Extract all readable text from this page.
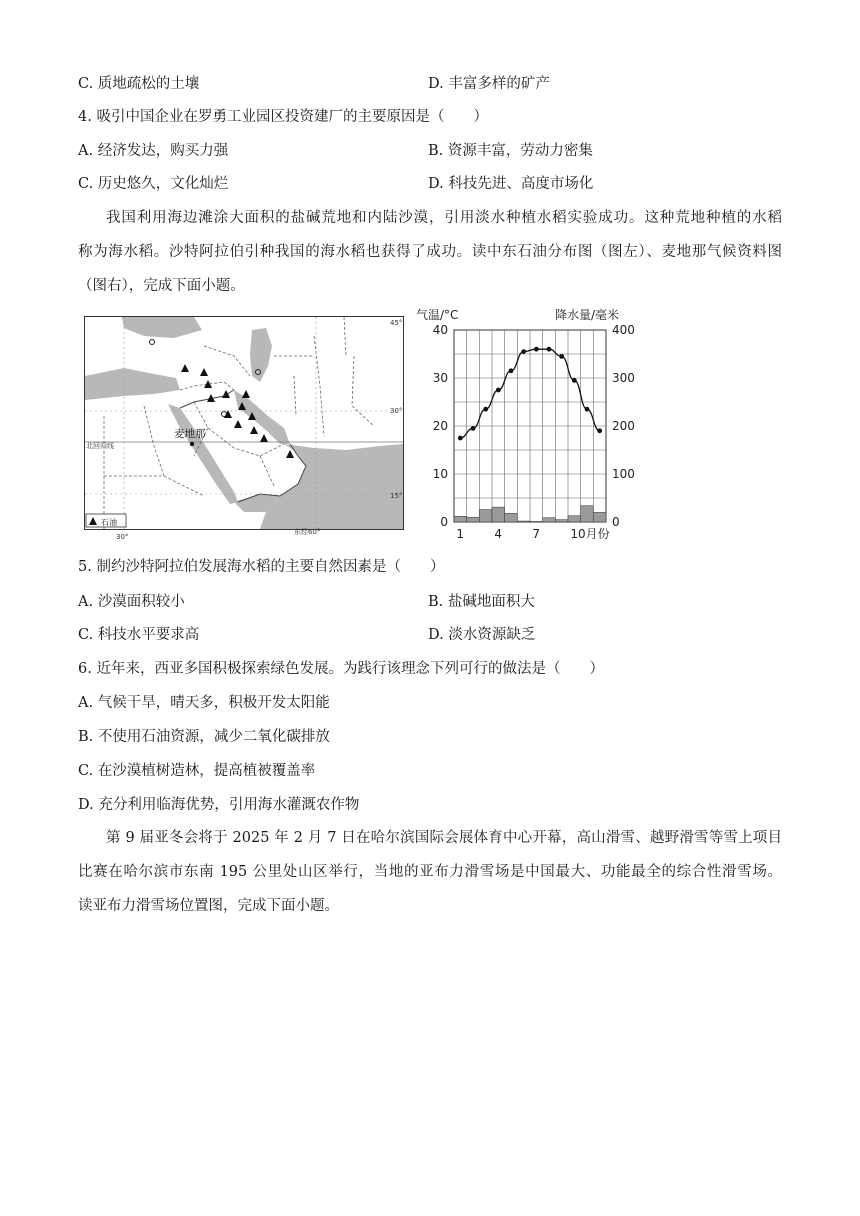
C. 质地疏松的土壤	D. 丰富多样的矿产
4. 吸引中国企业在罗勇工业园区投资建厂的主要原因是（　　）
A. 经济发达，购买力强	B. 资源丰富，劳动力密集
C. 历史悠久，文化灿烂	D. 科技先进、高度市场化
我国利用海边滩涂大面积的盐碱荒地和内陆沙漠，引用淡水种植水稻实验成功。这种荒地种植的水稻
称为海水稻。沙特阿拉伯引种我国的海水稻也获得了成功。读中东石油分布图（图左）、麦地那气候资料图
（图右），完成下面小题。
45°
30°
15°
30°
东经60°
北回归线
麦地那
石油
气温/°C	降水量/毫米
40
30
20
10
0
400
300
200
100
0
1	4	7	10月份
5. 制约沙特阿拉伯发展海水稻的主要自然因素是（　　）
A. 沙漠面积较小	B. 盐碱地面积大
C. 科技水平要求高	D. 淡水资源缺乏
6. 近年来，西亚多国积极探索绿色发展。为践行该理念下列可行的做法是（　　）
A. 气候干旱，晴天多，积极开发太阳能
B. 不使用石油资源，减少二氧化碳排放
C. 在沙漠植树造林，提高植被覆盖率
D. 充分利用临海优势，引用海水灌溉农作物
第 9 届亚冬会将于 2025 年 2 月 7 日在哈尔滨国际会展体育中心开幕，高山滑雪、越野滑雪等雪上项目
比赛在哈尔滨市东南 195 公里处山区举行，当地的亚布力滑雪场是中国最大、功能最全的综合性滑雪场。
读亚布力滑雪场位置图，完成下面小题。
